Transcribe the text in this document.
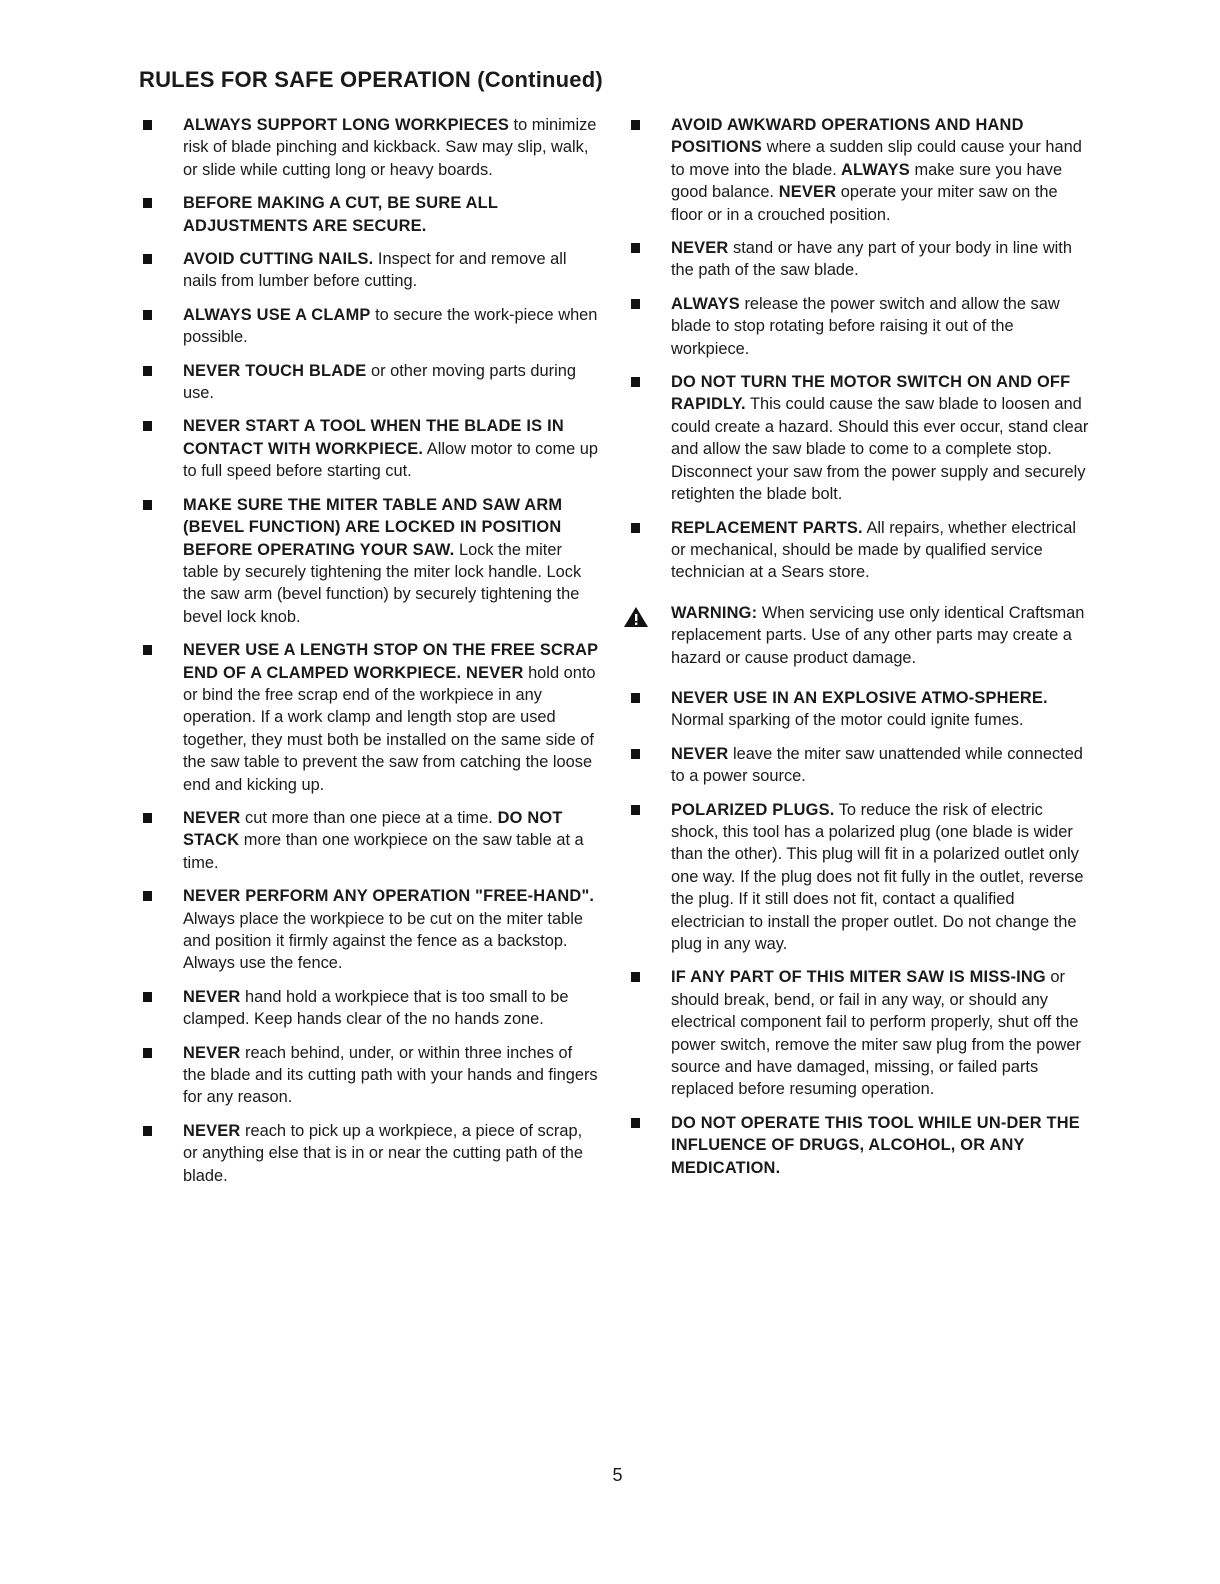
RULES FOR SAFE OPERATION (Continued)
ALWAYS SUPPORT LONG WORKPIECES to minimize risk of blade pinching and kickback. Saw may slip, walk, or slide while cutting long or heavy boards.
BEFORE MAKING A CUT, BE SURE ALL ADJUSTMENTS ARE SECURE.
AVOID CUTTING NAILS. Inspect for and remove all nails from lumber before cutting.
ALWAYS USE A CLAMP to secure the work-piece when possible.
NEVER TOUCH BLADE or other moving parts during use.
NEVER START A TOOL WHEN THE BLADE IS IN CONTACT WITH WORKPIECE. Allow motor to come up to full speed before starting cut.
MAKE SURE THE MITER TABLE AND SAW ARM (BEVEL FUNCTION) ARE LOCKED IN POSITION BEFORE OPERATING YOUR SAW. Lock the miter table by securely tightening the miter lock handle. Lock the saw arm (bevel function) by securely tightening the bevel lock knob.
NEVER USE A LENGTH STOP ON THE FREE SCRAP END OF A CLAMPED WORKPIECE. NEVER hold onto or bind the free scrap end of the workpiece in any operation. If a work clamp and length stop are used together, they must both be installed on the same side of the saw table to prevent the saw from catching the loose end and kicking up.
NEVER cut more than one piece at a time. DO NOT STACK more than one workpiece on the saw table at a time.
NEVER PERFORM ANY OPERATION "FREE-HAND". Always place the workpiece to be cut on the miter table and position it firmly against the fence as a backstop. Always use the fence.
NEVER hand hold a workpiece that is too small to be clamped. Keep hands clear of the no hands zone.
NEVER reach behind, under, or within three inches of the blade and its cutting path with your hands and fingers for any reason.
NEVER reach to pick up a workpiece, a piece of scrap, or anything else that is in or near the cutting path of the blade.
AVOID AWKWARD OPERATIONS AND HAND POSITIONS where a sudden slip could cause your hand to move into the blade. ALWAYS make sure you have good balance. NEVER operate your miter saw on the floor or in a crouched position.
NEVER stand or have any part of your body in line with the path of the saw blade.
ALWAYS release the power switch and allow the saw blade to stop rotating before raising it out of the workpiece.
DO NOT TURN THE MOTOR SWITCH ON AND OFF RAPIDLY. This could cause the saw blade to loosen and could create a hazard. Should this ever occur, stand clear and allow the saw blade to come to a complete stop. Disconnect your saw from the power supply and securely retighten the blade bolt.
REPLACEMENT PARTS. All repairs, whether electrical or mechanical, should be made by qualified service technician at a Sears store.
WARNING: When servicing use only identical Craftsman replacement parts. Use of any other parts may create a hazard or cause product damage.
NEVER USE IN AN EXPLOSIVE ATMO-SPHERE. Normal sparking of the motor could ignite fumes.
NEVER leave the miter saw unattended while connected to a power source.
POLARIZED PLUGS. To reduce the risk of electric shock, this tool has a polarized plug (one blade is wider than the other). This plug will fit in a polarized outlet only one way. If the plug does not fit fully in the outlet, reverse the plug. If it still does not fit, contact a qualified electrician to install the proper outlet. Do not change the plug in any way.
IF ANY PART OF THIS MITER SAW IS MISS-ING or should break, bend, or fail in any way, or should any electrical component fail to perform properly, shut off the power switch, remove the miter saw plug from the power source and have damaged, missing, or failed parts replaced before resuming operation.
DO NOT OPERATE THIS TOOL WHILE UN-DER THE INFLUENCE OF DRUGS, ALCOHOL, OR ANY MEDICATION.
5
